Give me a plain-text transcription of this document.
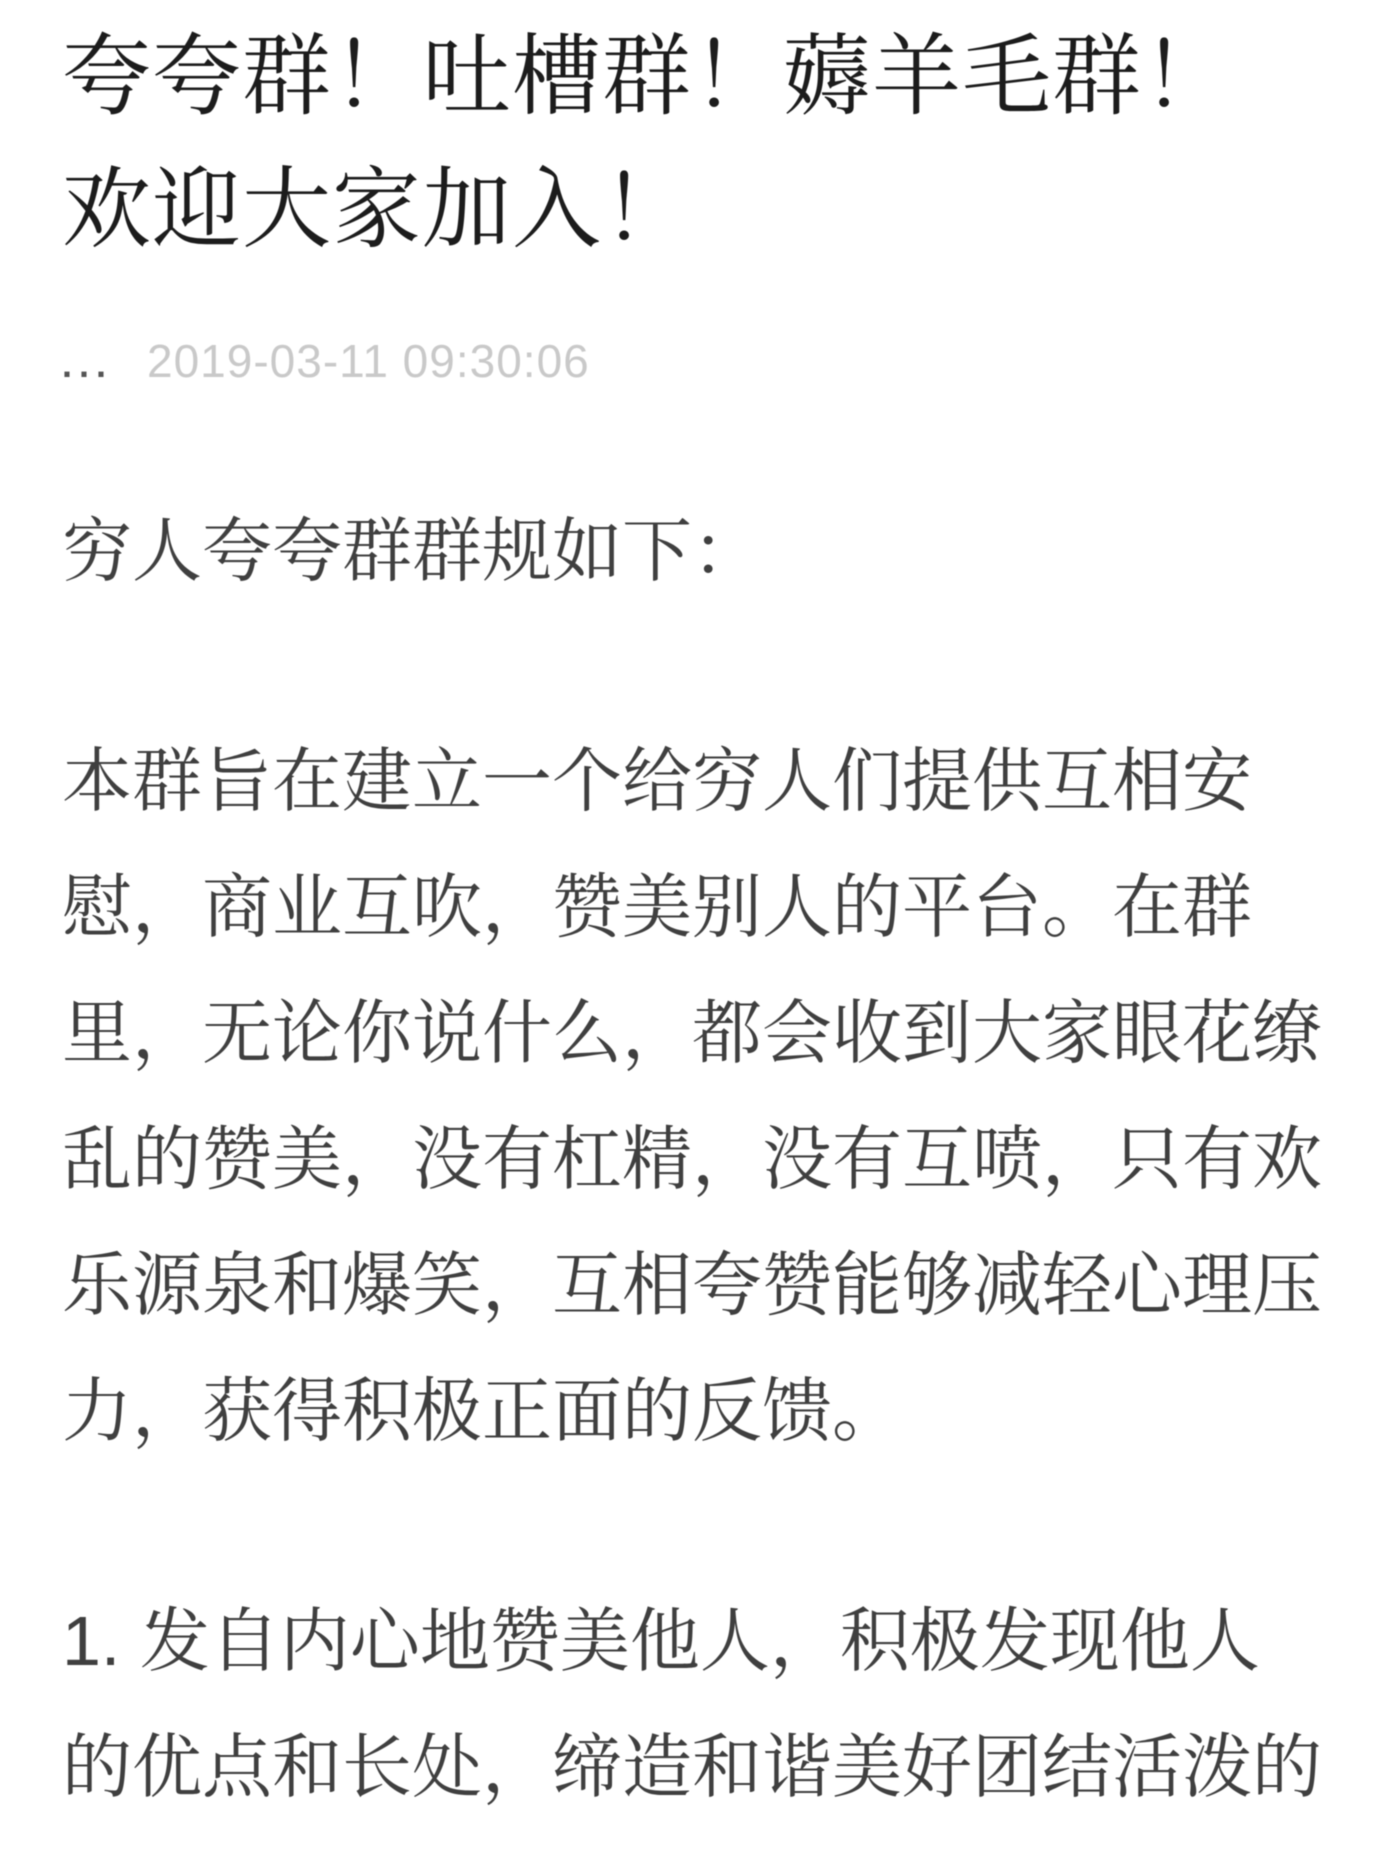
夸夸群！吐槽群！薅羊毛群！
欢迎大家加入！
... 2019-03-11 09:30:06
穷人夸夸群群规如下：
本群旨在建立一个给穷人们提供互相安
慰，商业互吹，赞美别人的平台。在群
里，无论你说什么，都会收到大家眼花缭
乱的赞美，没有杠精，没有互喷，只有欢
乐源泉和爆笑，互相夸赞能够减轻心理压
力，获得积极正面的反馈。
1. 发自内心地赞美他人，积极发现他人
的优点和长处，缔造和谐美好团结活泼的
